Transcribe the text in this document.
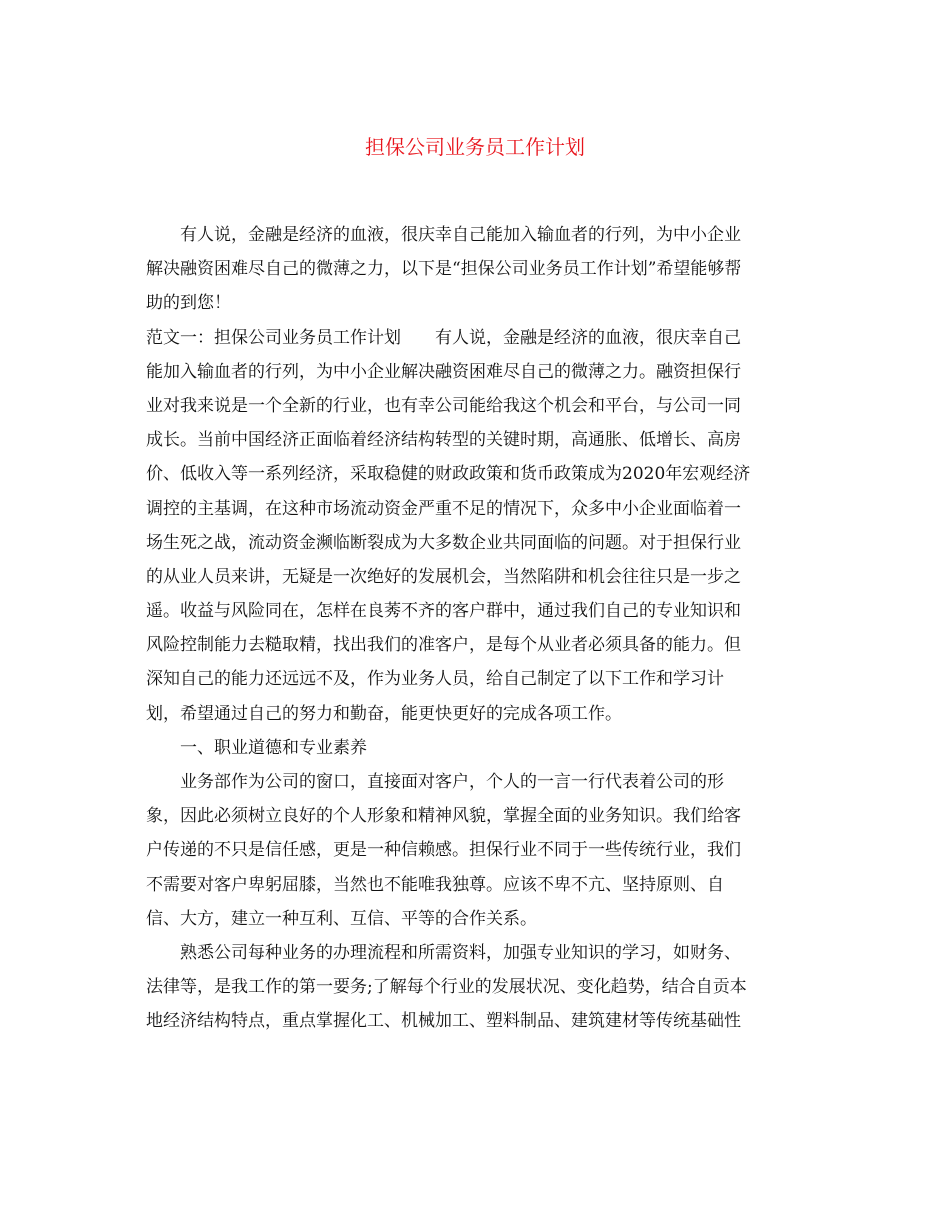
担保公司业务员工作计划
　　有人说，金融是经济的血液，很庆幸自己能加入输血者的行列，为中小企业
解决融资困难尽自己的微薄之力，以下是“担保公司业务员工作计划”希望能够帮
助的到您！
范文一：担保公司业务员工作计划　　有人说，金融是经济的血液，很庆幸自己
能加入输血者的行列，为中小企业解决融资困难尽自己的微薄之力。融资担保行
业对我来说是一个全新的行业，也有幸公司能给我这个机会和平台，与公司一同
成长。当前中国经济正面临着经济结构转型的关键时期，高通胀、低增长、高房
价、低收入等一系列经济，采取稳健的财政政策和货币政策成为2020年宏观经济
调控的主基调，在这种市场流动资金严重不足的情况下，众多中小企业面临着一
场生死之战，流动资金濒临断裂成为大多数企业共同面临的问题。对于担保行业
的从业人员来讲，无疑是一次绝好的发展机会，当然陷阱和机会往往只是一步之
遥。收益与风险同在，怎样在良莠不齐的客户群中，通过我们自己的专业知识和
风险控制能力去糙取精，找出我们的准客户，是每个从业者必须具备的能力。但
深知自己的能力还远远不及，作为业务人员，给自己制定了以下工作和学习计
划，希望通过自己的努力和勤奋，能更快更好的完成各项工作。
　　一、职业道德和专业素养
　　业务部作为公司的窗口，直接面对客户，个人的一言一行代表着公司的形
象，因此必须树立良好的个人形象和精神风貌，掌握全面的业务知识。我们给客
户传递的不只是信任感，更是一种信赖感。担保行业不同于一些传统行业，我们
不需要对客户卑躬屈膝，当然也不能唯我独尊。应该不卑不亢、坚持原则、自
信、大方，建立一种互利、互信、平等的合作关系。
　　熟悉公司每种业务的办理流程和所需资料，加强专业知识的学习，如财务、
法律等，是我工作的第一要务;了解每个行业的发展状况、变化趋势，结合自贡本
地经济结构特点，重点掌握化工、机械加工、塑料制品、建筑建材等传统基础性
